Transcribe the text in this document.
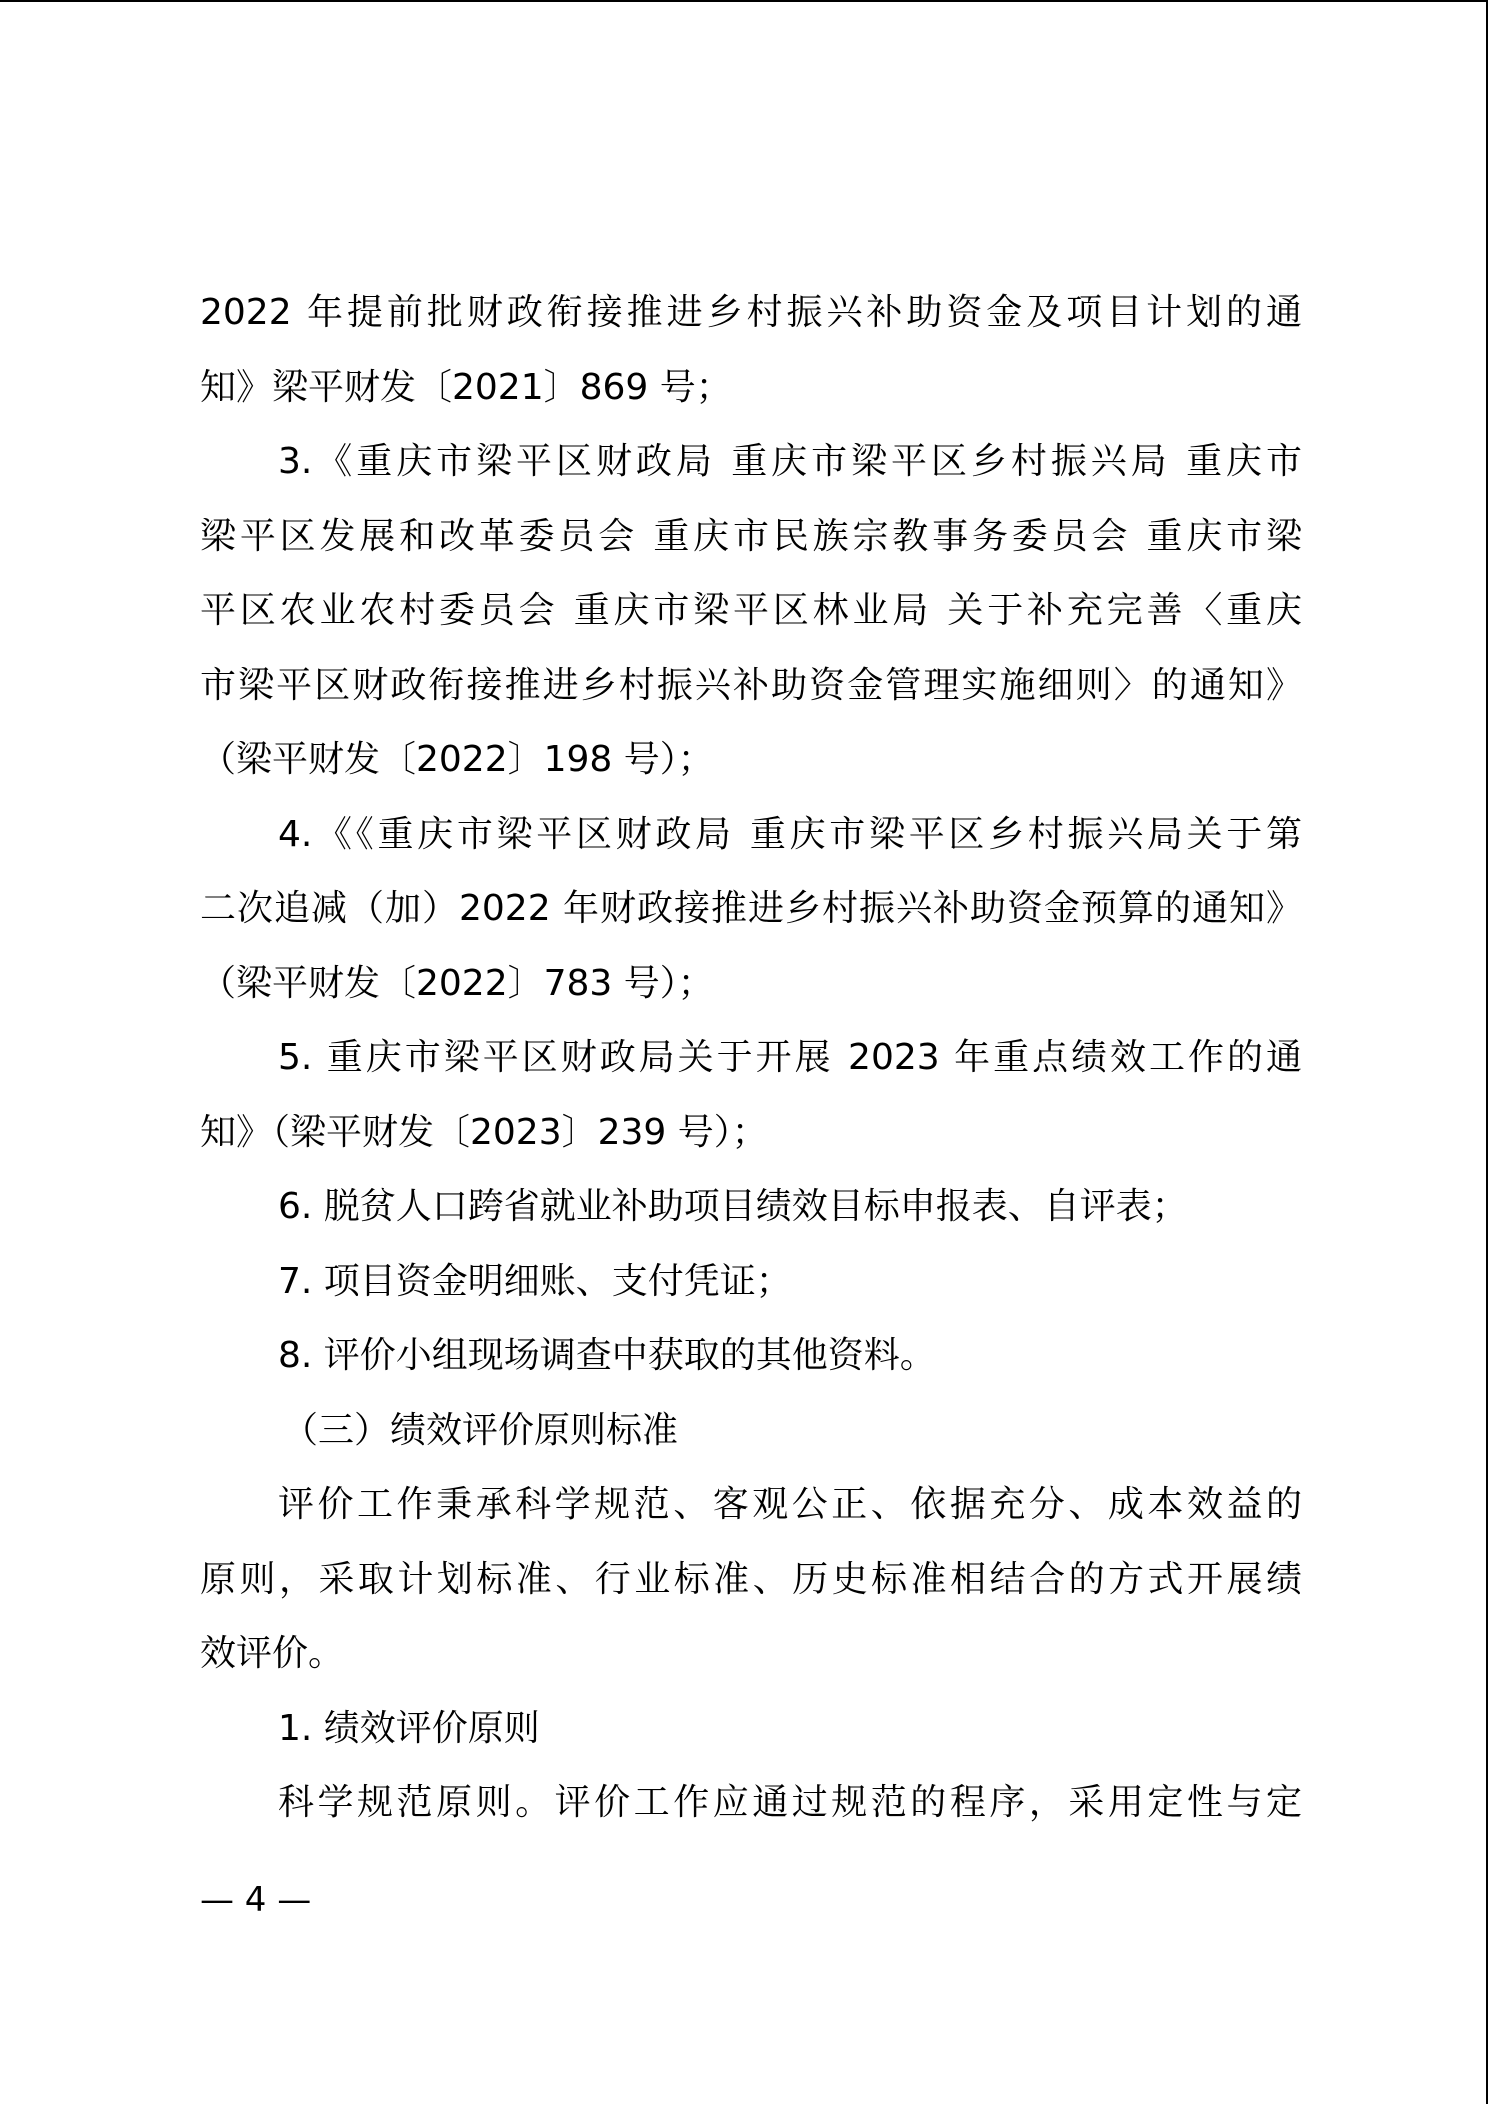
2022 年提前批财政衔接推进乡村振兴补助资金及项目计划的通
知》梁平财发〔2021〕869 号；
3.《重庆市梁平区财政局 重庆市梁平区乡村振兴局 重庆市
梁平区发展和改革委员会 重庆市民族宗教事务委员会 重庆市梁
平区农业农村委员会 重庆市梁平区林业局 关于补充完善〈重庆
市梁平区财政衔接推进乡村振兴补助资金管理实施细则〉的通知》
（梁平财发〔2022〕198 号）；
4.《《重庆市梁平区财政局 重庆市梁平区乡村振兴局关于第
二次追减（加）2022 年财政接推进乡村振兴补助资金预算的通知》
（梁平财发〔2022〕783 号）；
5. 重庆市梁平区财政局关于开展 2023 年重点绩效工作的通
知》（梁平财发〔2023〕239 号）；
6. 脱贫人口跨省就业补助项目绩效目标申报表、自评表；
7. 项目资金明细账、支付凭证；
8. 评价小组现场调查中获取的其他资料。
（三）绩效评价原则标准
评价工作秉承科学规范、客观公正、依据充分、成本效益的
原则，采取计划标准、行业标准、历史标准相结合的方式开展绩
效评价。
1. 绩效评价原则
科学规范原则。评价工作应通过规范的程序，采用定性与定
— 4 —
